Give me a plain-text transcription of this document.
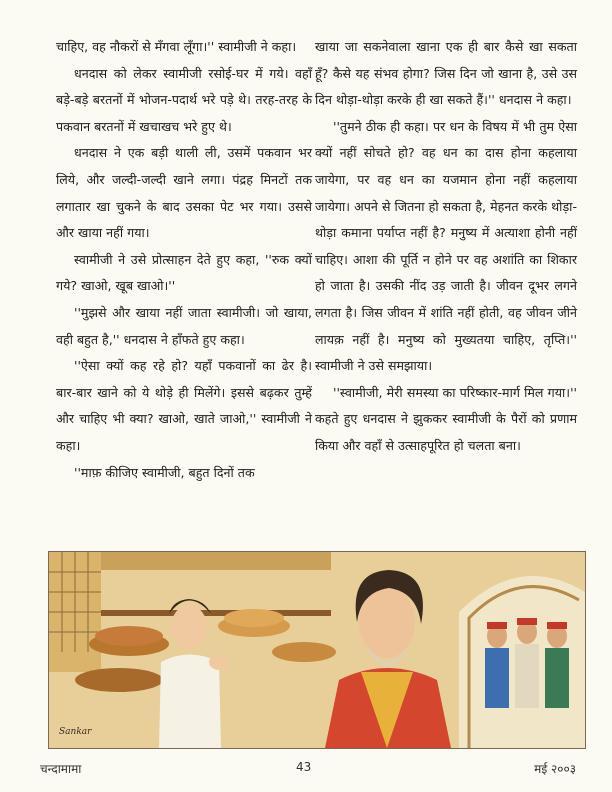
चाहिए, वह नौकरों से मँगवा लूँगा।'' स्वामीजी ने कहा।

धनदास को लेकर स्वामीजी रसोई-घर में गये। वहाँ बड़े-बड़े बरतनों में भोजन-पदार्थ भरे पड़े थे। तरह-तरह के पकवान बरतनों में खचाखच भरे हुए थे।

धनदास ने एक बड़ी थाली ली, उसमें पकवान भर लिये, और जल्दी-जल्दी खाने लगा। पंद्रह मिनटों तक लगातार खा चुकने के बाद उसका पेट भर गया। उससे और खाया नहीं गया।

स्वामीजी ने उसे प्रोत्साहन देते हुए कहा, ''रुक क्यों गये? खाओ, खूब खाओ।''

''मुझसे और खाया नहीं जाता स्वामीजी। जो खाया, वही बहुत है,'' धनदास ने हाँफते हुए कहा।

''ऐसा क्यों कह रहे हो? यहाँ पकवानों का ढेर है। बार-बार खाने को ये थोड़े ही मिलेंगे। इससे बढ़कर तुम्हें और चाहिए भी क्या? खाओ, खाते जाओ,'' स्वामीजी ने कहा।

''माफ़ कीजिए स्वामीजी, बहुत दिनों तक

खाया जा सकनेवाला खाना एक ही बार कैसे खा सकता हूँ? कैसे यह संभव होगा? जिस दिन जो खाना है, उसे उस दिन थोड़ा-थोड़ा करके ही खा सकते हैं।'' धनदास ने कहा।

''तुमने ठीक ही कहा। पर धन के विषय में भी तुम ऐसा क्यों नहीं सोचते हो? वह धन का दास होना कहलाया जायेगा, पर वह धन का यजमान होना नहीं कहलाया जायेगा। अपने से जितना हो सकता है, मेहनत करके थोड़ा-थोड़ा कमाना पर्याप्त नहीं है? मनुष्य में अत्याशा होनी नहीं चाहिए। आशा की पूर्ति न होने पर वह अशांति का शिकार हो जाता है। उसकी नींद उड़ जाती है। जीवन दूभर लगने लगता है। जिस जीवन में शांति नहीं होती, वह जीवन जीने लायक़ नहीं है। मनुष्य को मुख्यतया चाहिए, तृप्ति।'' स्वामीजी ने उसे समझाया।

''स्वामीजी, मेरी समस्या का परिष्कार-मार्ग मिल गया।'' कहते हुए धनदास ने झुककर स्वामीजी के पैरों को प्रणाम किया और वहाँ से उत्साहपूरित हो चलता बना।

Sankar
चन्दामामा	43	मई २००३
